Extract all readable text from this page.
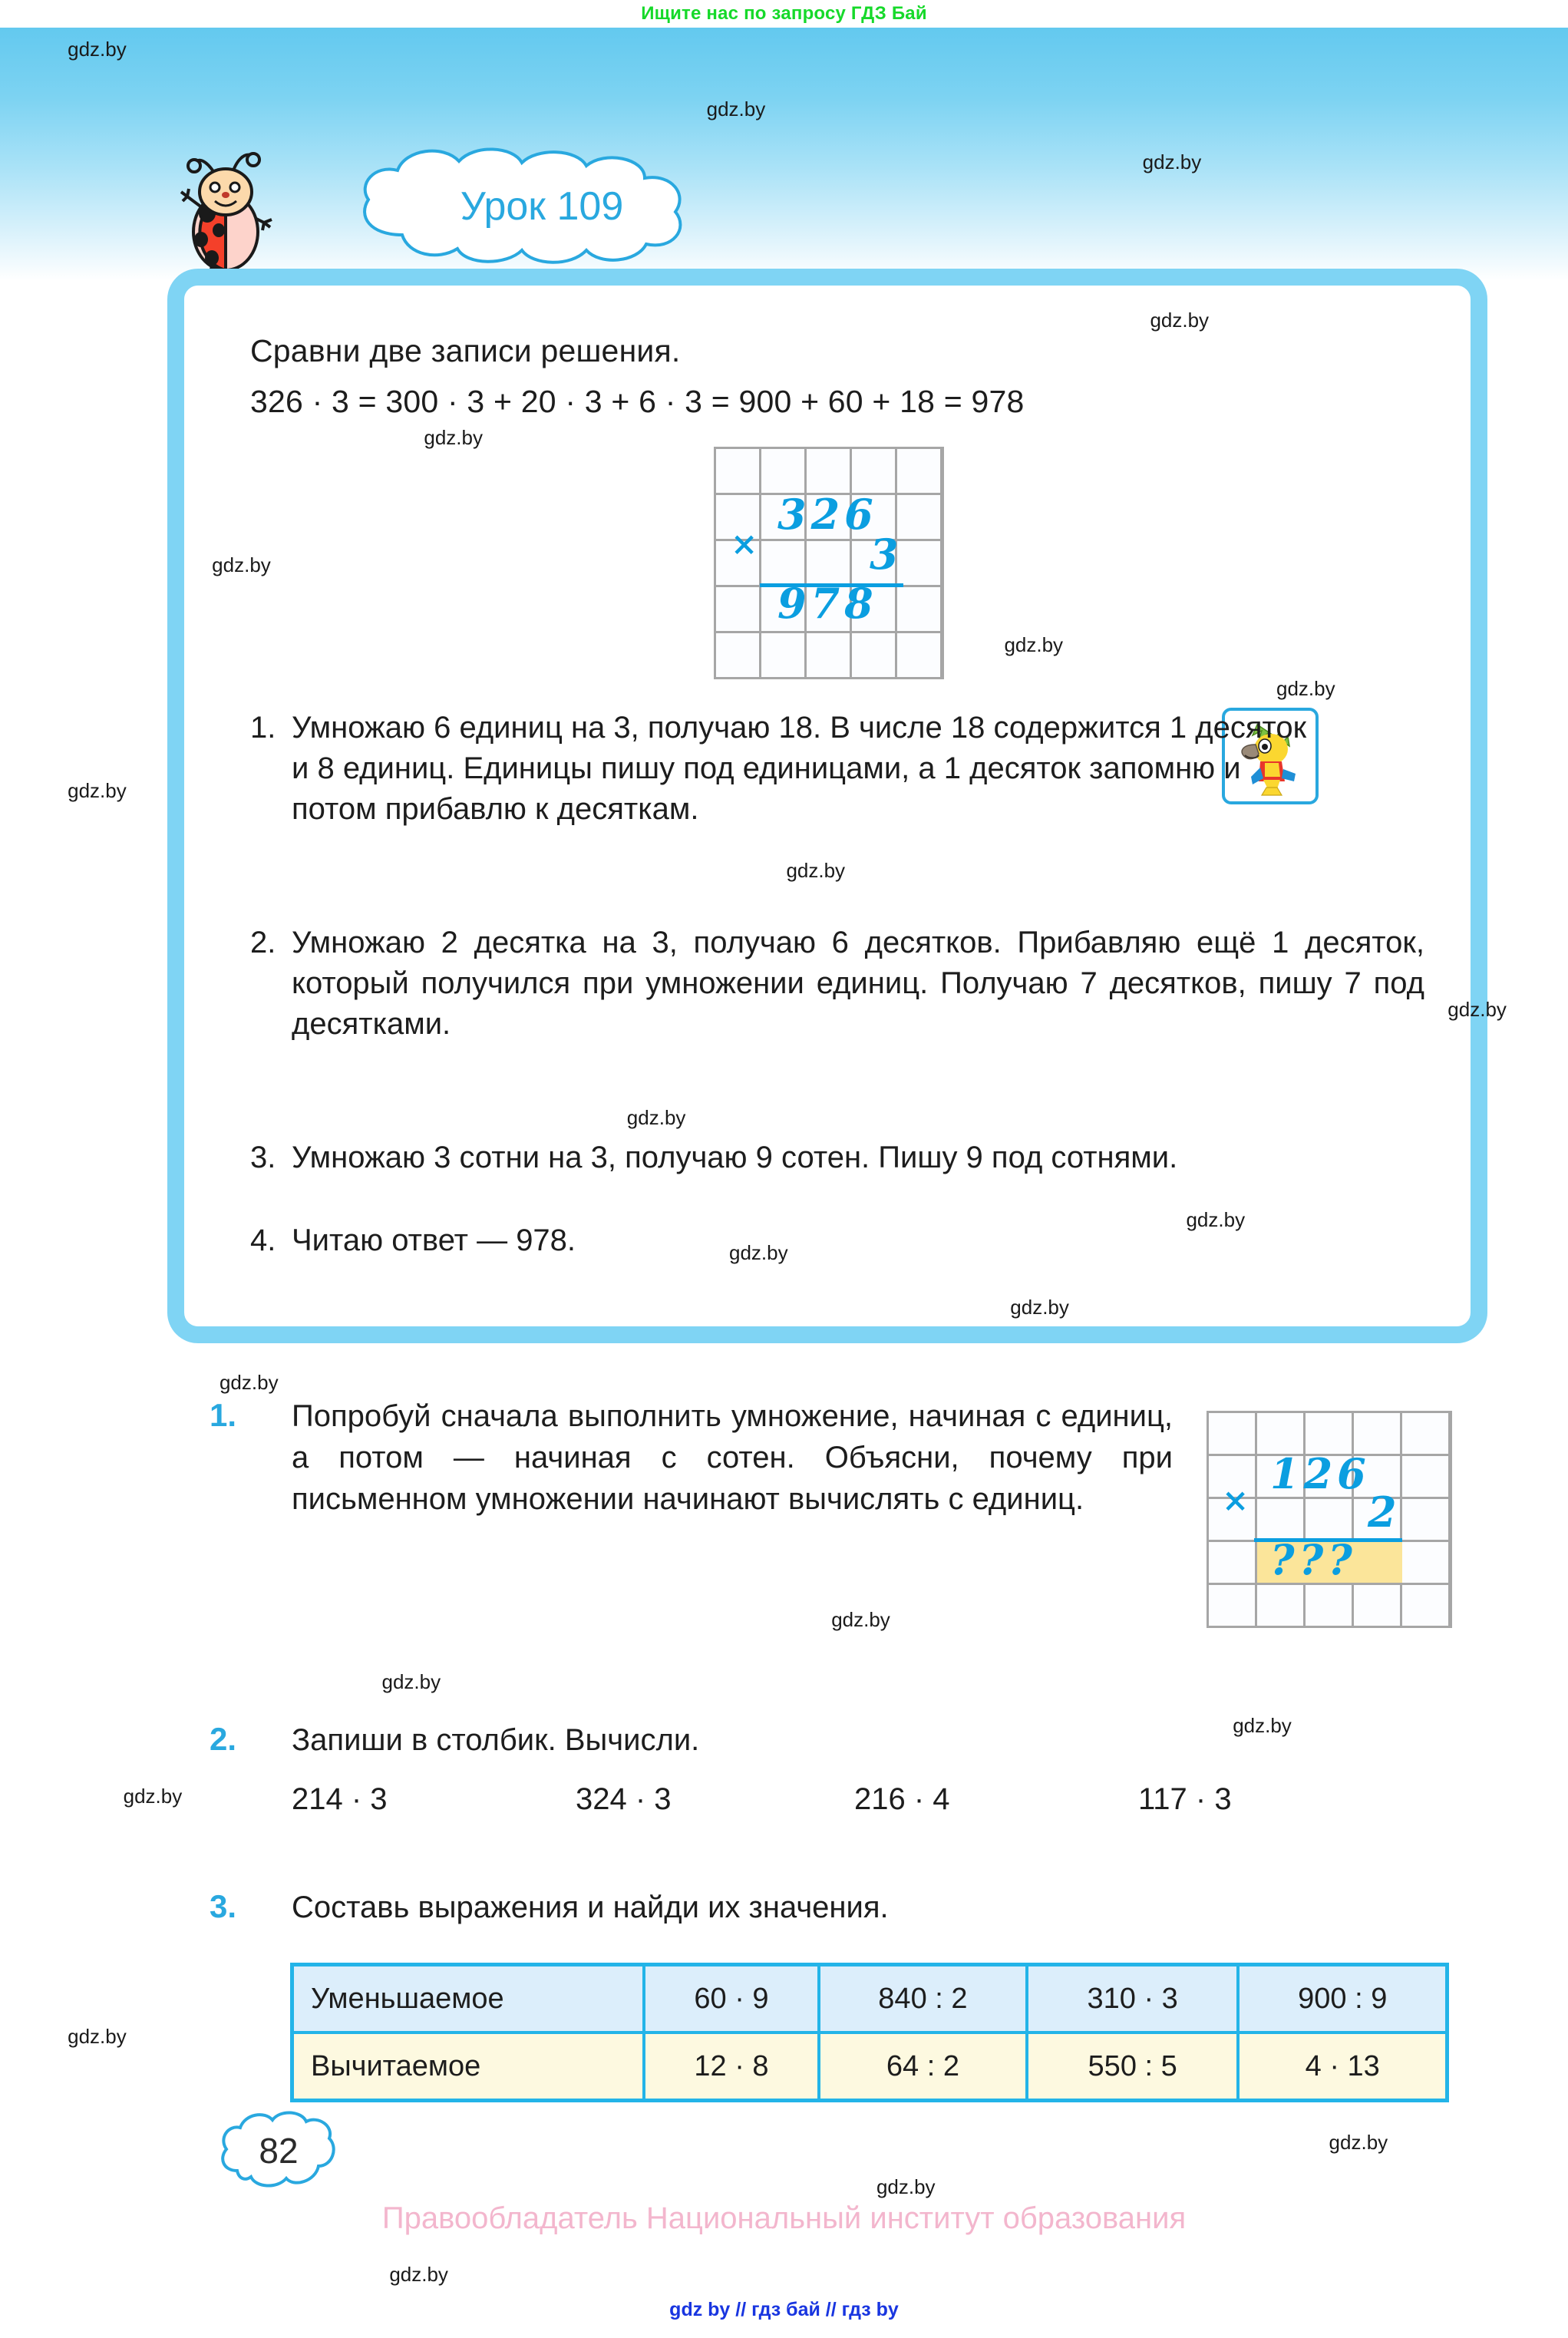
Ищите нас по запросу ГДЗ Бай
Урок 109
Сравни две записи решения.
326 · 3 = 300 · 3 + 20 · 3 + 6 · 3 = 900 + 60 + 18 = 978
×
326
3
978
1. Умножаю 6 единиц на 3, получаю 18. В числе 18 содержится 1 десяток и 8 единиц. Единицы пишу под единицами, а 1 десяток запомню и потом прибавлю к десяткам.
2. Умножаю 2 десятка на 3, получаю 6 десятков. Прибавляю ещё 1 десяток, который получился при умножении единиц. Получаю 7 десятков, пишу 7 под десятками.
3. Умножаю 3 сотни на 3, получаю 9 сотен. Пишу 9 под сотнями.
4. Читаю ответ — 978.
1. Попробуй сначала выполнить умножение, начиная с единиц, а потом — начиная с сотен. Объясни, почему при письменном умножении начинают вычислять с единиц.	×
126
2
???
2. Запиши в столбик. Вычисли.
214 · 3	324 · 3	216 · 4	117 · 3
3. Составь выражения и найди их значения.
Уменьшаемое	60 · 9	840 : 2	310 · 3	900 : 9
Вычитаемое	12 · 8	64 : 2	550 : 5	4 · 13
82
Правообладатель Национальный институт образования
gdz by // гдз бай // гдз by
gdz.by
gdz.by
gdz.by
gdz.by
gdz.by
gdz.by
gdz.by
gdz.by
gdz.by
gdz.by
gdz.by
gdz.by
gdz.by
gdz.by
gdz.by
gdz.by
gdz.by
gdz.by
gdz.by
gdz.by
gdz.by
gdz.by
gdz.by
gdz.by
